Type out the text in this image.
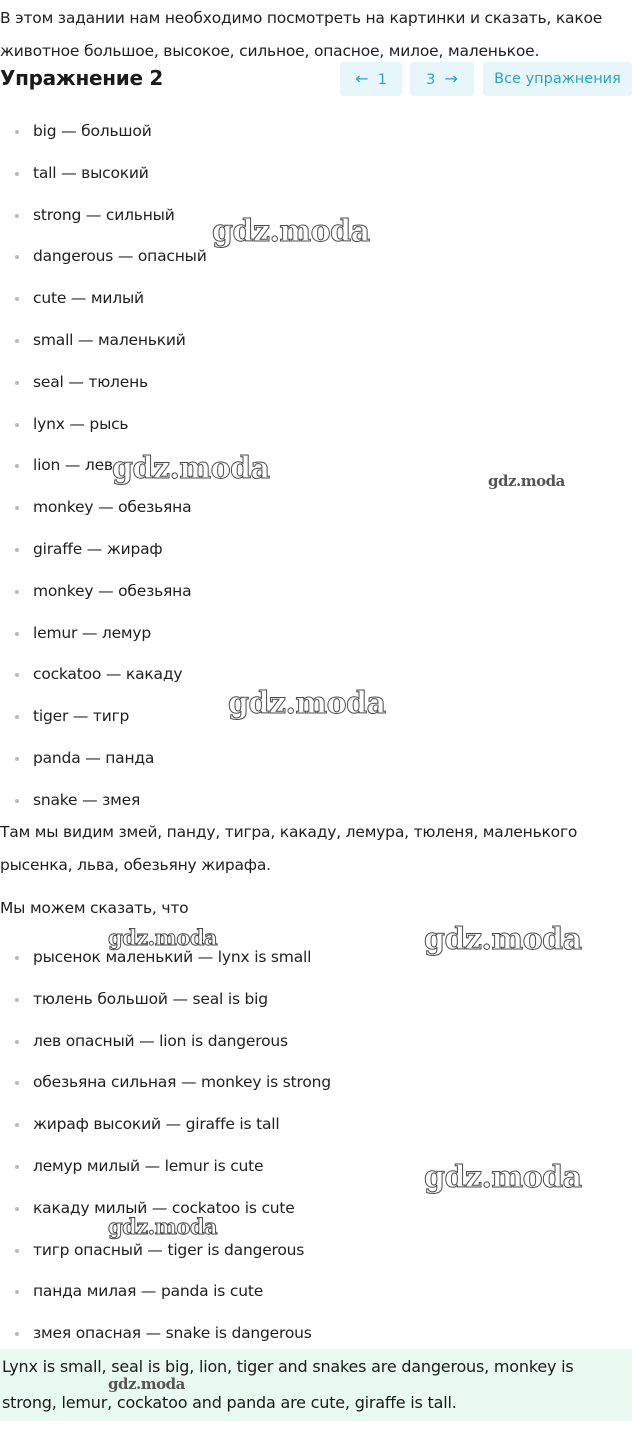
В этом задании нам необходимо посмотреть на картинки и сказать, какое животное большое, высокое, сильное, опасное, милое, маленькое.
Упражнение 2	← 1	3 →	Все упражнения
big — большой
tall — высокий
strong — сильный
dangerous — опасный
cute — милый
small — маленький
seal — тюлень
lynx — рысь
lion — лев
monkey — обезьяна
giraffe — жираф
monkey — обезьяна
lemur — лемур
cockatoo — какаду
tiger — тигр
panda — панда
snake — змея
Там мы видим змей, панду, тигра, какаду, лемура, тюленя, маленького рысенка, льва, обезьяну жирафа.
Мы можем сказать, что
рысенок маленький — lynx is small
тюлень большой — seal is big
лев опасный — lion is dangerous
обезьяна сильная — monkey is strong
жираф высокий — giraffe is tall
лемур милый — lemur is cute
какаду милый — cockatoo is cute
тигр опасный — tiger is dangerous
панда милая — panda is cute
змея опасная — snake is dangerous
Lynx is small, seal is big, lion, tiger and snakes are dangerous, monkey is strong, lemur, cockatoo and panda are cute, giraffe is tall.
gdz.moda
gdz.moda	gdz.moda
gdz.moda
gdz.moda	gdz.moda
gdz.moda
gdz.moda
gdz.moda
